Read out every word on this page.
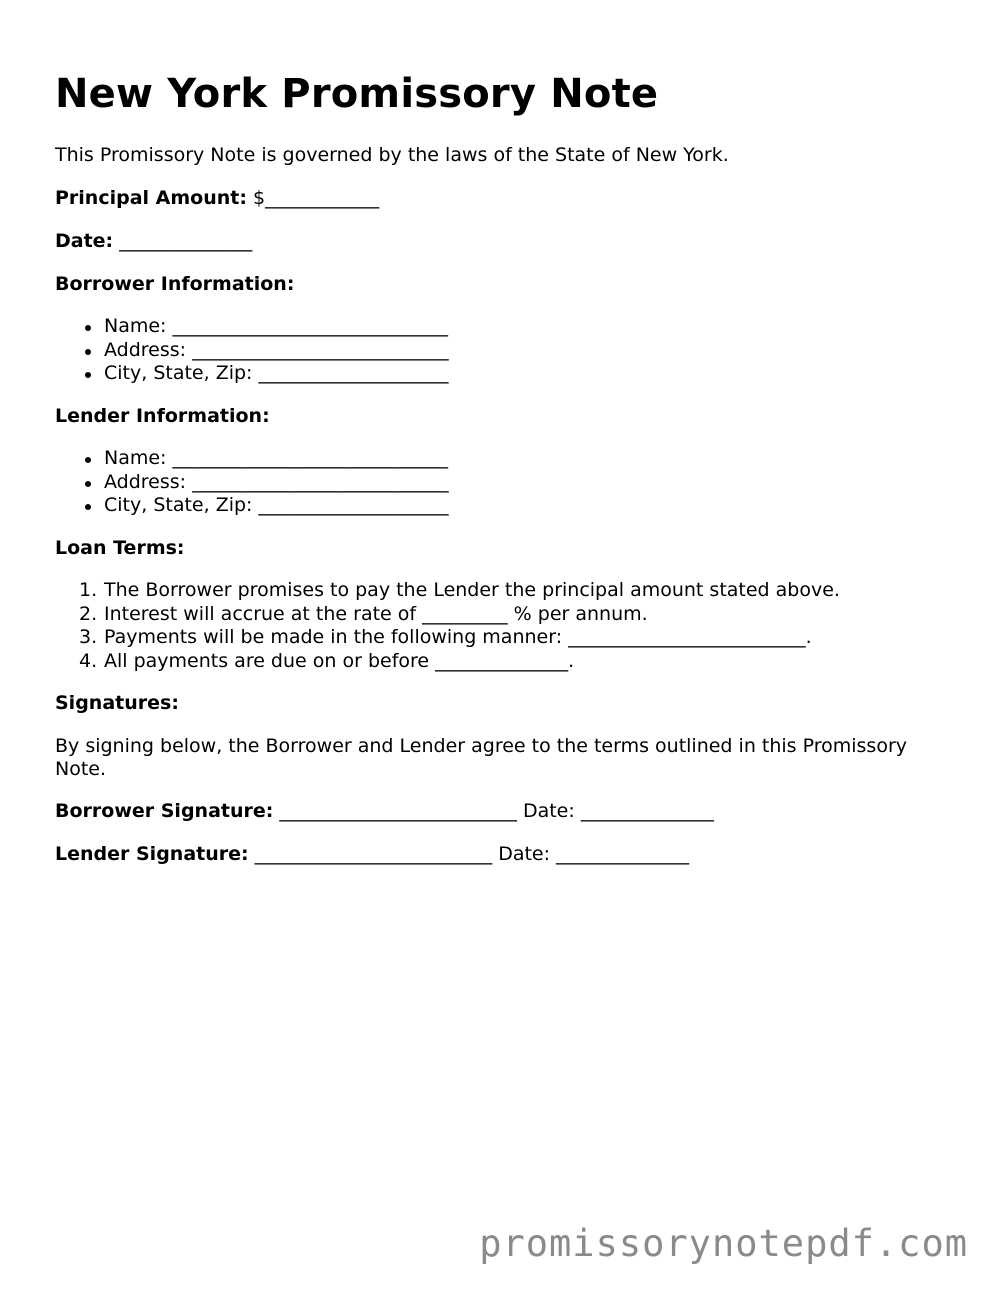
New York Promissory Note

This Promissory Note is governed by the laws of the State of New York.

Principal Amount: $____________

Date: ______________

Borrower Information:

Name: _____________________________
Address: ___________________________
City, State, Zip: ____________________

Lender Information:

Name: _____________________________
Address: ___________________________
City, State, Zip: ____________________

Loan Terms:

1. The Borrower promises to pay the Lender the principal amount stated above.
2. Interest will accrue at the rate of _________ % per annum.
3. Payments will be made in the following manner: _________________________.
4. All payments are due on or before ______________.

Signatures:

By signing below, the Borrower and Lender agree to the terms outlined in this Promissory Note.

Borrower Signature: _________________________ Date: ______________

Lender Signature: _________________________ Date: ______________

promissorynotepdf.com
